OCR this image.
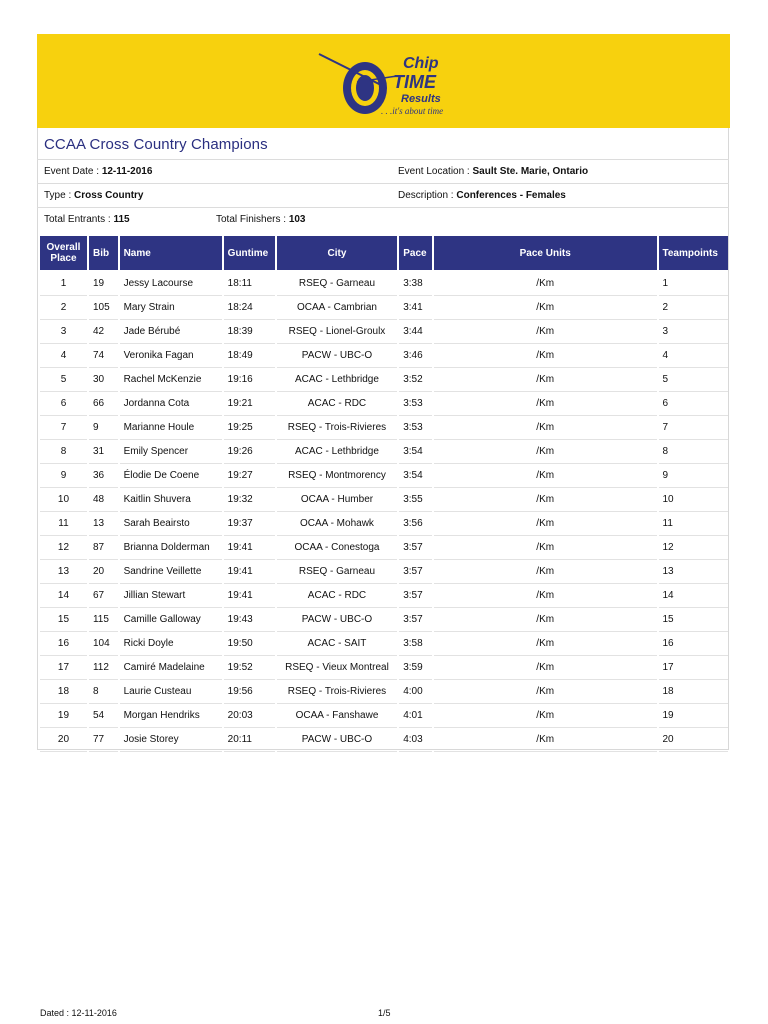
Chip
TIME
Results
. . .it's about time
CCAA Cross Country Champions
Event Date : 12-11-2016	Event Location : Sault Ste. Marie, Ontario
Type : Cross Country	Description : Conferences - Females
Total Entrants : 115	Total Finishers : 103
Overall Place	Bib	Name	Guntime	City	Pace	Pace Units	Teampoints
1	19	Jessy Lacourse	18:11	RSEQ - Garneau	3:38	/Km	1
2	105	Mary Strain	18:24	OCAA - Cambrian	3:41	/Km	2
3	42	Jade Bérubé	18:39	RSEQ - Lionel-Groulx	3:44	/Km	3
4	74	Veronika Fagan	18:49	PACW - UBC-O	3:46	/Km	4
5	30	Rachel McKenzie	19:16	ACAC - Lethbridge	3:52	/Km	5
6	66	Jordanna Cota	19:21	ACAC - RDC	3:53	/Km	6
7	9	Marianne Houle	19:25	RSEQ - Trois-Rivieres	3:53	/Km	7
8	31	Emily Spencer	19:26	ACAC - Lethbridge	3:54	/Km	8
9	36	Élodie De Coene	19:27	RSEQ - Montmorency	3:54	/Km	9
10	48	Kaitlin Shuvera	19:32	OCAA - Humber	3:55	/Km	10
11	13	Sarah Beairsto	19:37	OCAA - Mohawk	3:56	/Km	11
12	87	Brianna Dolderman	19:41	OCAA - Conestoga	3:57	/Km	12
13	20	Sandrine Veillette	19:41	RSEQ - Garneau	3:57	/Km	13
14	67	Jillian Stewart	19:41	ACAC - RDC	3:57	/Km	14
15	115	Camille Galloway	19:43	PACW - UBC-O	3:57	/Km	15
16	104	Ricki Doyle	19:50	ACAC - SAIT	3:58	/Km	16
17	112	Camiré Madelaine	19:52	RSEQ - Vieux Montreal	3:59	/Km	17
18	8	Laurie Custeau	19:56	RSEQ - Trois-Rivieres	4:00	/Km	18
19	54	Morgan Hendriks	20:03	OCAA - Fanshawe	4:01	/Km	19
20	77	Josie Storey	20:11	PACW - UBC-O	4:03	/Km	20
Dated : 12-11-2016	1/5
